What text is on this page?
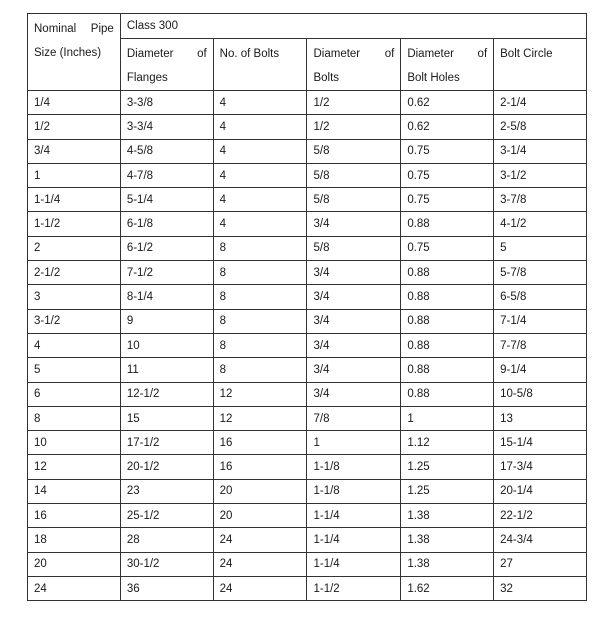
Nominal Pipe Size (Inches)	Class 300				
	Diameter of Flanges	No. of Bolts	Diameter of Bolts	Diameter of Bolt Holes	Bolt Circle
1/4	3-3/8	4	1/2	0.62	2-1/4
1/2	3-3/4	4	1/2	0.62	2-5/8
3/4	4-5/8	4	5/8	0.75	3-1/4
1	4-7/8	4	5/8	0.75	3-1/2
1-1/4	5-1/4	4	5/8	0.75	3-7/8
1-1/2	6-1/8	4	3/4	0.88	4-1/2
2	6-1/2	8	5/8	0.75	5
2-1/2	7-1/2	8	3/4	0.88	5-7/8
3	8-1/4	8	3/4	0.88	6-5/8
3-1/2	9	8	3/4	0.88	7-1/4
4	10	8	3/4	0.88	7-7/8
5	11	8	3/4	0.88	9-1/4
6	12-1/2	12	3/4	0.88	10-5/8
8	15	12	7/8	1	13
10	17-1/2	16	1	1.12	15-1/4
12	20-1/2	16	1-1/8	1.25	17-3/4
14	23	20	1-1/8	1.25	20-1/4
16	25-1/2	20	1-1/4	1.38	22-1/2
18	28	24	1-1/4	1.38	24-3/4
20	30-1/2	24	1-1/4	1.38	27
24	36	24	1-1/2	1.62	32
